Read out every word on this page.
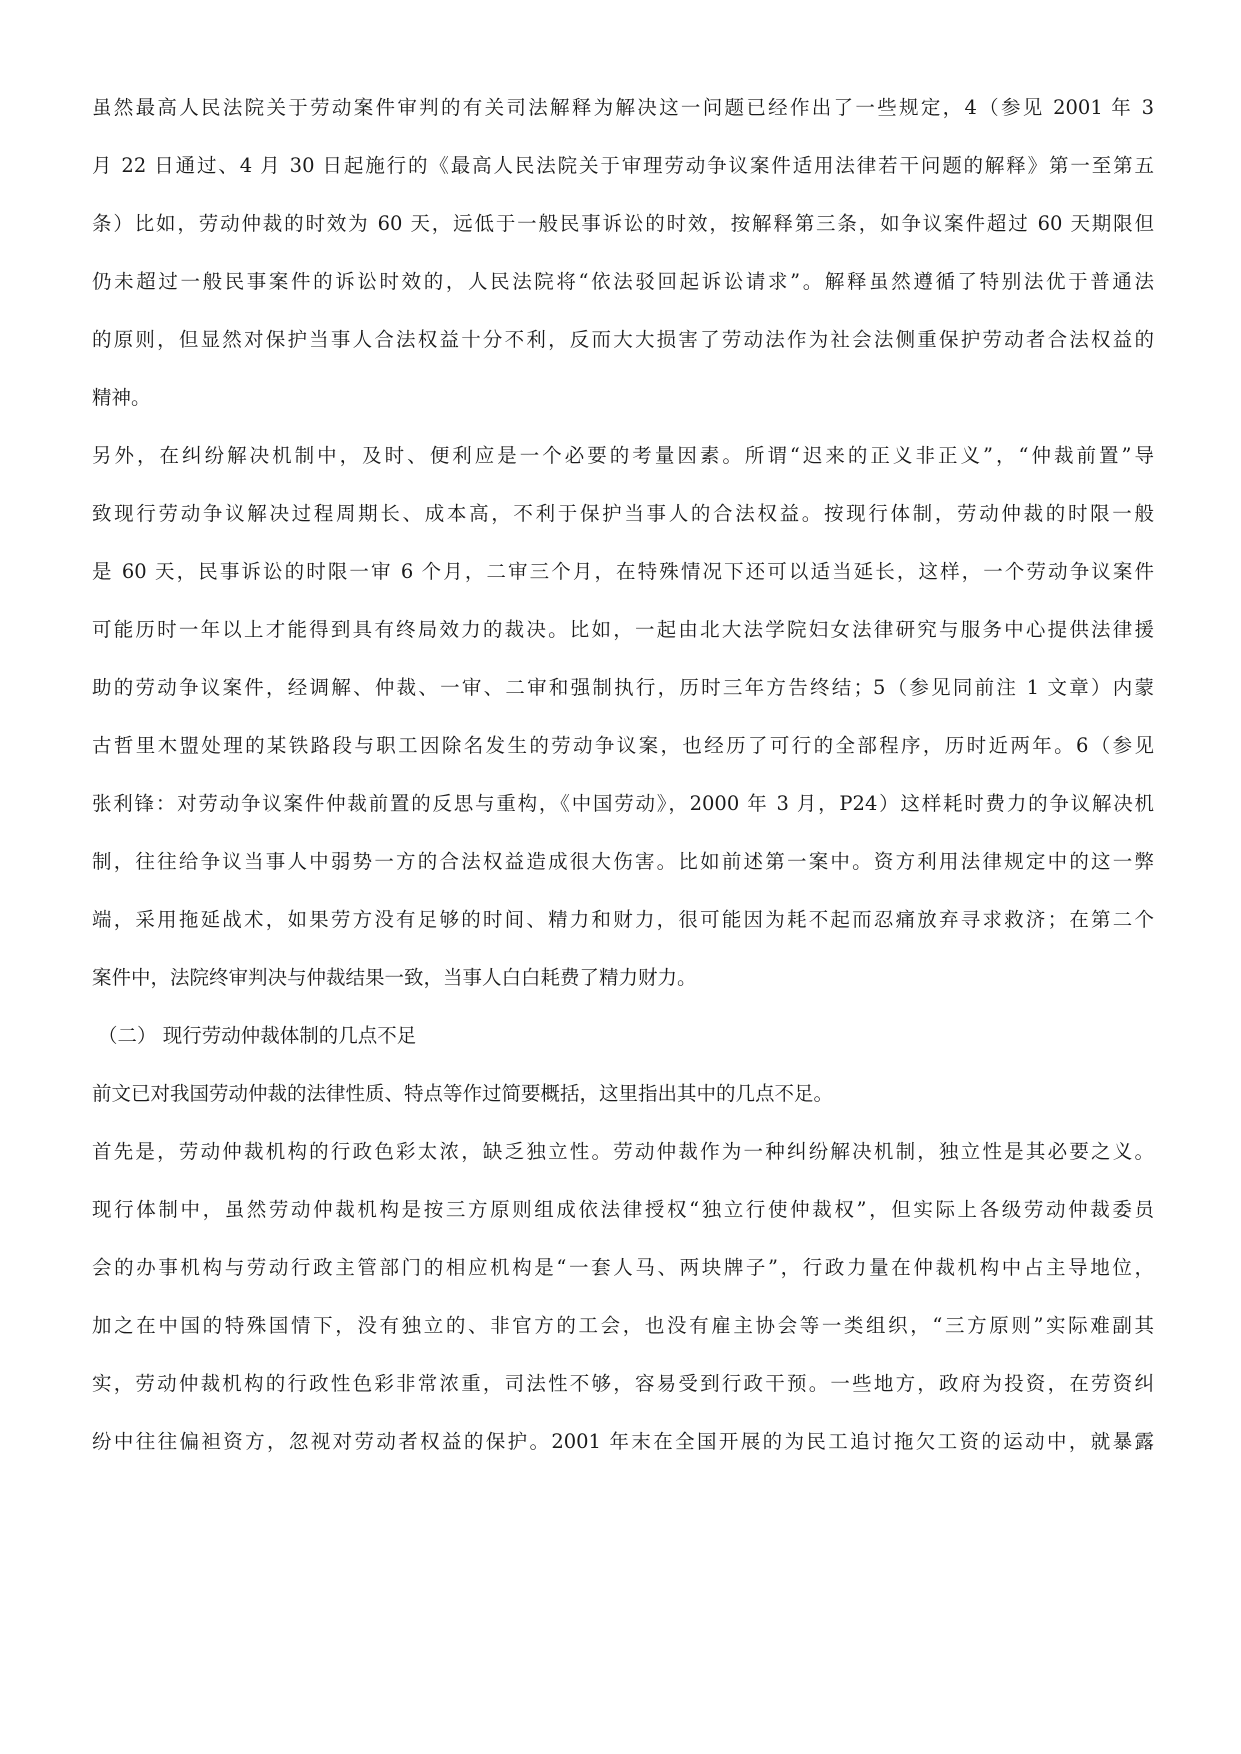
虽然最高人民法院关于劳动案件审判的有关司法解释为解决这一问题已经作出了一些规定，4（参见 2001 年 3
月 22 日通过、4 月 30 日起施行的《最高人民法院关于审理劳动争议案件适用法律若干问题的解释》第一至第五
条）比如，劳动仲裁的时效为 60 天，远低于一般民事诉讼的时效，按解释第三条，如争议案件超过 60 天期限但
仍未超过一般民事案件的诉讼时效的，人民法院将“依法驳回起诉讼请求”。解释虽然遵循了特别法优于普通法
的原则，但显然对保护当事人合法权益十分不利，反而大大损害了劳动法作为社会法侧重保护劳动者合法权益的
精神。
另外，在纠纷解决机制中，及时、便利应是一个必要的考量因素。所谓“迟来的正义非正义”，“仲裁前置”导
致现行劳动争议解决过程周期长、成本高，不利于保护当事人的合法权益。按现行体制，劳动仲裁的时限一般
是 60 天，民事诉讼的时限一审 6 个月，二审三个月，在特殊情况下还可以适当延长，这样，一个劳动争议案件
可能历时一年以上才能得到具有终局效力的裁决。比如，一起由北大法学院妇女法律研究与服务中心提供法律援
助的劳动争议案件，经调解、仲裁、一审、二审和强制执行，历时三年方告终结；5（参见同前注 1 文章）内蒙
古哲里木盟处理的某铁路段与职工因除名发生的劳动争议案，也经历了可行的全部程序，历时近两年。6（参见
张利锋：对劳动争议案件仲裁前置的反思与重构，《中国劳动》，2000 年 3 月，P24）这样耗时费力的争议解决机
制，往往给争议当事人中弱势一方的合法权益造成很大伤害。比如前述第一案中。资方利用法律规定中的这一弊
端，采用拖延战术，如果劳方没有足够的时间、精力和财力，很可能因为耗不起而忍痛放弃寻求救济；在第二个
案件中，法院终审判决与仲裁结果一致，当事人白白耗费了精力财力。
（二） 现行劳动仲裁体制的几点不足
前文已对我国劳动仲裁的法律性质、特点等作过简要概括，这里指出其中的几点不足。
首先是，劳动仲裁机构的行政色彩太浓，缺乏独立性。劳动仲裁作为一种纠纷解决机制，独立性是其必要之义。
现行体制中，虽然劳动仲裁机构是按三方原则组成依法律授权“独立行使仲裁权”，但实际上各级劳动仲裁委员
会的办事机构与劳动行政主管部门的相应机构是“一套人马、两块牌子”，行政力量在仲裁机构中占主导地位，
加之在中国的特殊国情下，没有独立的、非官方的工会，也没有雇主协会等一类组织，“三方原则”实际难副其
实，劳动仲裁机构的行政性色彩非常浓重，司法性不够，容易受到行政干预。一些地方，政府为投资，在劳资纠
纷中往往偏袒资方，忽视对劳动者权益的保护。2001 年末在全国开展的为民工追讨拖欠工资的运动中，就暴露
